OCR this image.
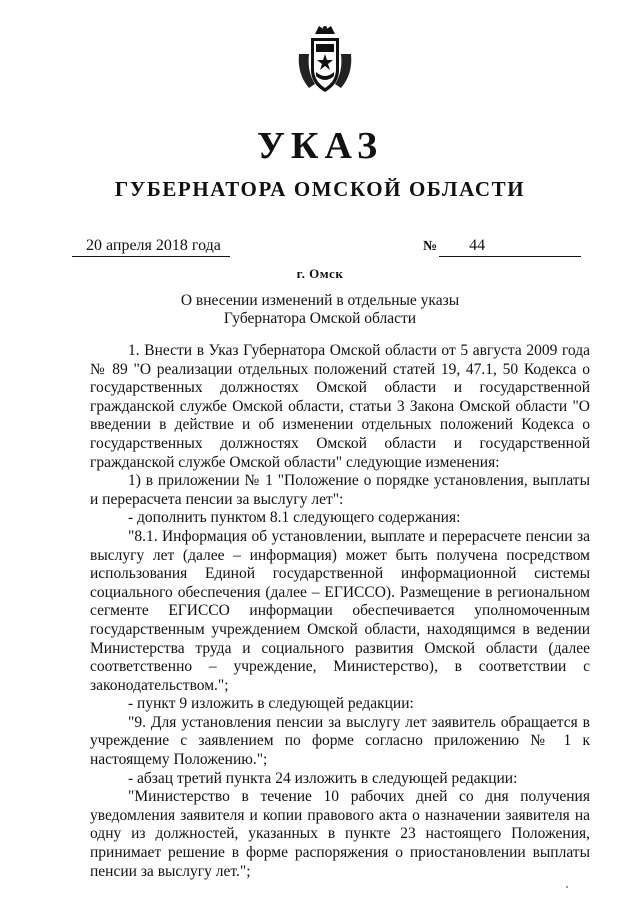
УКАЗ
ГУБЕРНАТОРА ОМСКОЙ ОБЛАСТИ
20 апреля 2018 года	№	44
г. Омск
О внесении изменений в отдельные указы
Губернатора Омской области

1. Внести в Указ Губернатора Омской области от 5 августа 2009 года № 89 "О реализации отдельных положений статей 19, 47.1, 50 Кодекса о государственных должностях Омской области и государственной гражданской службе Омской области, статьи 3 Закона Омской области "О введении в действие и об изменении отдельных положений Кодекса о государственных должностях Омской области и государственной гражданской службе Омской области" следующие изменения:

1) в приложении № 1 "Положение о порядке установления, выплаты и перерасчета пенсии за выслугу лет":

- дополнить пунктом 8.1 следующего содержания:

"8.1. Информация об установлении, выплате и перерасчете пенсии за выслугу лет (далее – информация) может быть получена посредством использования Единой государственной информационной системы социального обеспечения (далее – ЕГИССО). Размещение в региональном сегменте ЕГИССО информации обеспечивается уполномоченным государственным учреждением Омской области, находящимся в ведении Министерства труда и социального развития Омской области (далее соответственно – учреждение, Министерство), в соответствии с законодательством.";

- пункт 9 изложить в следующей редакции:

"9. Для установления пенсии за выслугу лет заявитель обращается в учреждение с заявлением по форме согласно приложению № 1 к настоящему Положению.";

- абзац третий пункта 24 изложить в следующей редакции:

"Министерство в течение 10 рабочих дней со дня получения уведомления заявителя и копии правового акта о назначении заявителя на одну из должностей, указанных в пункте 23 настоящего Положения, принимает решение в форме распоряжения о приостановлении выплаты пенсии за выслугу лет.";
